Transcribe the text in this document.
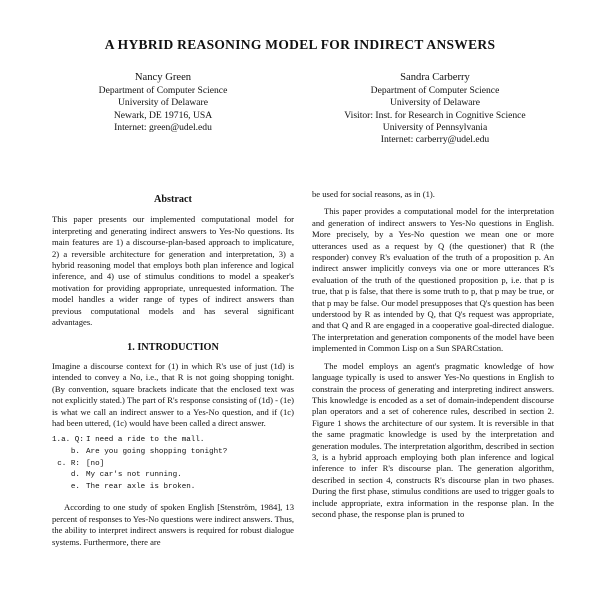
A HYBRID REASONING MODEL FOR INDIRECT ANSWERS
Nancy Green
Department of Computer Science
University of Delaware
Newark, DE 19716, USA
Internet: green@udel.edu
Sandra Carberry
Department of Computer Science
University of Delaware
Visitor: Inst. for Research in Cognitive Science
University of Pennsylvania
Internet: carberry@udel.edu
Abstract

This paper presents our implemented computational model for interpreting and generating indirect answers to Yes-No questions. Its main features are 1) a discourse-plan-based approach to implicature, 2) a reversible architecture for generation and interpretation, 3) a hybrid reasoning model that employs both plan inference and logical inference, and 4) use of stimulus conditions to model a speaker's motivation for providing appropriate, unrequested information. The model handles a wider range of types of indirect answers than previous computational models and has several significant advantages.

1. INTRODUCTION

Imagine a discourse context for (1) in which R's use of just (1d) is intended to convey a No, i.e., that R is not going shopping tonight. (By convention, square brackets indicate that the enclosed text was not explicitly stated.) The part of R's response consisting of (1d) - (1e) is what we call an indirect answer to a Yes-No question, and if (1c) had been uttered, (1c) would have been called a direct answer.

1.a. Q: I need a ride to the mall.
b. Are you going shopping tonight?
c. R: [no]
d. My car's not running.
e. The rear axle is broken.

According to one study of spoken English [Stenström, 1984], 13 percent of responses to Yes-No questions were indirect answers. Thus, the ability to interpret indirect answers is required for robust dialogue systems. Furthermore, there are

be used for social reasons, as in (1).

This paper provides a computational model for the interpretation and generation of indirect answers to Yes-No questions in English. More precisely, by a Yes-No question we mean one or more utterances used as a request by Q (the questioner) that R (the responder) convey R's evaluation of the truth of a proposition p. An indirect answer implicitly conveys via one or more utterances R's evaluation of the truth of the questioned proposition p, i.e. that p is true, that p is false, that there is some truth to p, that p may be true, or that p may be false. Our model presupposes that Q's question has been understood by R as intended by Q, that Q's request was appropriate, and that Q and R are engaged in a cooperative goal-directed dialogue. The interpretation and generation components of the model have been implemented in Common Lisp on a Sun SPARCstation.

The model employs an agent's pragmatic knowledge of how language typically is used to answer Yes-No questions in English to constrain the process of generating and interpreting indirect answers. This knowledge is encoded as a set of domain-independent discourse plan operators and a set of coherence rules, described in section 2. Figure 1 shows the architecture of our system. It is reversible in that the same pragmatic knowledge is used by the interpretation and generation modules. The interpretation algorithm, described in section 3, is a hybrid approach employing both plan inference and logical inference to infer R's discourse plan. The generation algorithm, described in section 4, constructs R's discourse plan in two phases. During the first phase, stimulus conditions are used to trigger goals to include appropriate, extra information in the response plan. In the second phase, the response plan is pruned to
